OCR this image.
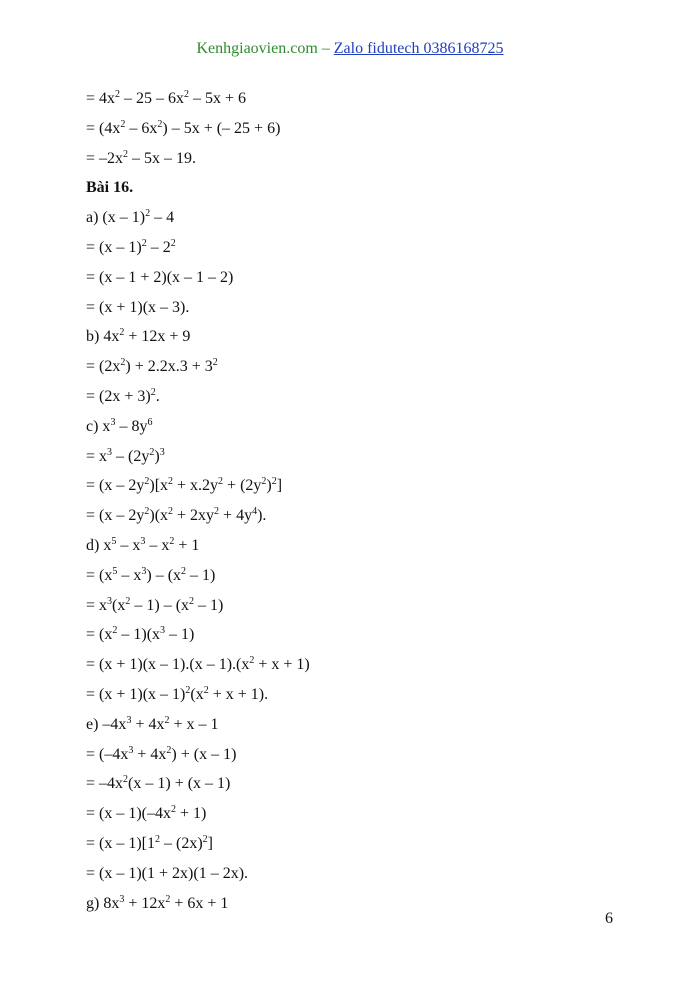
Kenhgiaovien.com – Zalo fidutech 0386168725
= $4x^2 - 25 - 6x^2 - 5x + 6$
= $(4x^2 - 6x^2) - 5x$ + (– 25 + 6)
= $-2x^2 - 5x - 19$.
Bài 16.
a) (x – 1)$^2$ – 4
= $(x - 1)^2 - 2^2$
= (x – 1 + 2)(x – 1 – 2)
= (x + 1)(x – 3).
b) $4x^2 + 12x + 9$
= $(2x^2) + 2.2x.3 + 3^2$
= $(2x + 3)^2$.
c) $x^3 - 8y^6$
= $x^3 - (2y^2)^3$
= $(x - 2y^2)[x^2 + x.2y^2 + (2y^2)^2]$
= $(x - 2y^2)(x^2 + 2xy^2 + 4y^4)$.
d) $x^5 - x^3 - x^2 + 1$
= $(x^5 - x^3) - (x^2 - 1)$
= $x^3(x^2 - 1) - (x^2 - 1)$
= $(x^2 - 1)(x^3 - 1)$
= $(x + 1)(x - 1).(x - 1).(x^2 + x + 1)$
= $(x + 1)(x - 1)^2(x^2 + x + 1)$.
e) $-4x^3 + 4x^2 + x - 1$
= $(-4x^3 + 4x^2) + (x - 1)$
= $-4x^2(x - 1) + (x - 1)$
= $(x - 1)(-4x^2 + 1)$
= $(x - 1)[1^2 - (2x)^2]$
= (x – 1)(1 + 2x)(1 – 2x).
g) $8x^3 + 12x^2 + 6x + 1$
6
